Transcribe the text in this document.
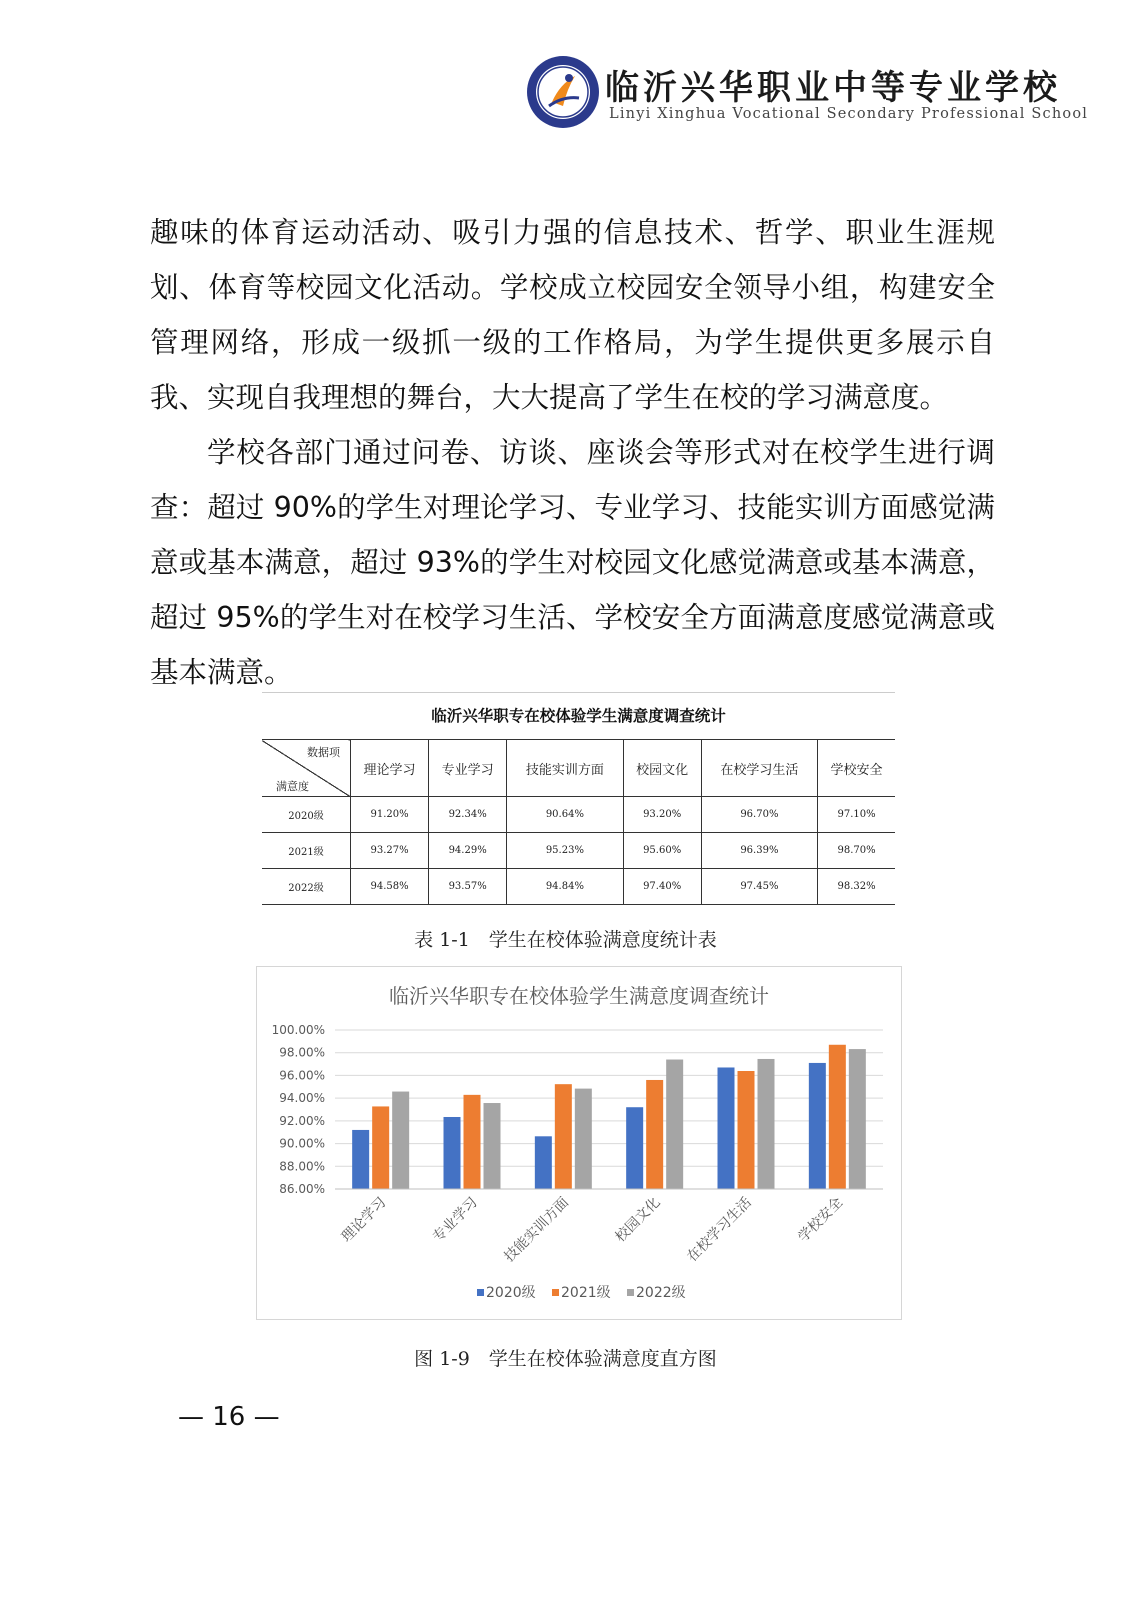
临沂兴华职业中等专业学校
Linyi Xinghua Vocational Secondary Professional School

趣味的体育运动活动、吸引力强的信息技术、哲学、职业生涯规划、体育等校园文化活动。学校成立校园安全领导小组，构建安全管理网络，形成一级抓一级的工作格局，为学生提供更多展示自我、实现自我理想的舞台，大大提高了学生在校的学习满意度。

学校各部门通过问卷、访谈、座谈会等形式对在校学生进行调查：超过 90%的学生对理论学习、专业学习、技能实训方面感觉满意或基本满意，超过 93%的学生对校园文化感觉满意或基本满意，超过 95%的学生对在校学习生活、学校安全方面满意度感觉满意或基本满意。

临沂兴华职专在校体验学生满意度调查统计
数据项
满意度	理论学习	专业学习	技能实训方面	校园文化	在校学习生活	学校安全
2020级	91.20%	92.34%	90.64%	93.20%	96.70%	97.10%
2021级	93.27%	94.29%	95.23%	95.60%	96.39%	98.70%
2022级	94.58%	93.57%	94.84%	97.40%	97.45%	98.32%
表 1-1　学生在校体验满意度统计表
临沂兴华职专在校体验学生满意度调查统计
86.00%
88.00%
90.00%
92.00%
94.00%
96.00%
98.00%
100.00%
理论学习	专业学习 技能实训方面	校园文化 在校学习生活	学校安全
2020级 2021级 2022级
图 1-9　学生在校体验满意度直方图
— 16 —
